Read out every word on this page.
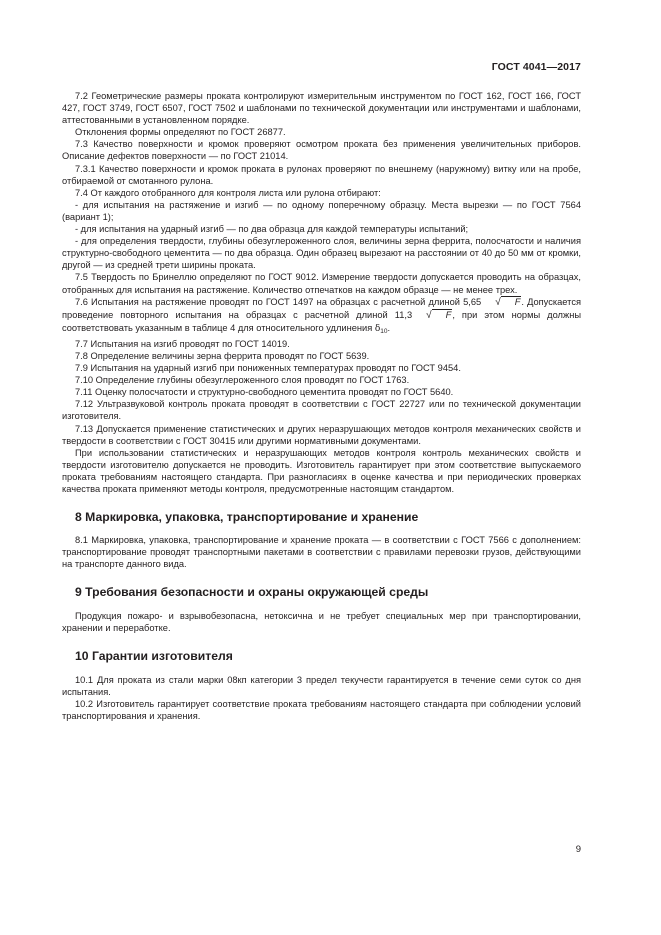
ГОСТ 4041—2017

7.2 Геометрические размеры проката контролируют измерительным инструментом по ГОСТ 162, ГОСТ 166, ГОСТ 427, ГОСТ 3749, ГОСТ 6507, ГОСТ 7502 и шаблонами по технической документации или инструментами и шаблонами, аттестованными в установленном порядке.

Отклонения формы определяют по ГОСТ 26877.

7.3 Качество поверхности и кромок проверяют осмотром проката без применения увеличительных приборов. Описание дефектов поверхности — по ГОСТ 21014.

7.3.1 Качество поверхности и кромок проката в рулонах проверяют по внешнему (наружному) витку или на пробе, отбираемой от смотанного рулона.

7.4 От каждого отобранного для контроля листа или рулона отбирают:

- для испытания на растяжение и изгиб — по одному поперечному образцу. Места вырезки — по ГОСТ 7564 (вариант 1);

- для испытания на ударный изгиб — по два образца для каждой температуры испытаний;

- для определения твердости, глубины обезуглероженного слоя, величины зерна феррита, полосчатости и наличия структурно-свободного цементита — по два образца. Один образец вырезают на расстоянии от 40 до 50 мм от кромки, другой — из средней трети ширины проката.

7.5 Твердость по Бринеллю определяют по ГОСТ 9012. Измерение твердости допускается проводить на образцах, отобранных для испытания на растяжение. Количество отпечатков на каждом образце — не менее трех.

7.6 Испытания на растяжение проводят по ГОСТ 1497 на образцах с расчетной длиной 5,65 √ F. Допускается проведение повторного испытания на образцах с расчетной длиной 11,3 √ F, при этом нормы должны соответствовать указанным в таблице 4 для относительного удлинения $\delta_{10}$.

7.7 Испытания на изгиб проводят по ГОСТ 14019.

7.8 Определение величины зерна феррита проводят по ГОСТ 5639.

7.9 Испытания на ударный изгиб при пониженных температурах проводят по ГОСТ 9454.

7.10 Определение глубины обезуглероженного слоя проводят по ГОСТ 1763.

7.11 Оценку полосчатости и структурно-свободного цементита проводят по ГОСТ 5640.

7.12 Ультразвуковой контроль проката проводят в соответствии с ГОСТ 22727 или по технической документации изготовителя.

7.13 Допускается применение статистических и других неразрушающих методов контроля механических свойств и твердости в соответствии с ГОСТ 30415 или другими нормативными документами.

При использовании статистических и неразрушающих методов контроля контроль механических свойств и твердости изготовителю допускается не проводить. Изготовитель гарантирует при этом соответствие выпускаемого проката требованиям настоящего стандарта. При разногласиях в оценке качества и при периодических проверках качества проката применяют методы контроля, предусмотренные настоящим стандартом.

8 Маркировка, упаковка, транспортирование и хранение

8.1 Маркировка, упаковка, транспортирование и хранение проката — в соответствии с ГОСТ 7566 с дополнением: транспортирование проводят транспортными пакетами в соответствии с правилами перевозки грузов, действующими на транспорте данного вида.

9 Требования безопасности и охраны окружающей среды

Продукция пожаро- и взрывобезопасна, нетоксична и не требует специальных мер при транспортировании, хранении и переработке.

10 Гарантии изготовителя

10.1 Для проката из стали марки 08кп категории 3 предел текучести гарантируется в течение семи суток со дня испытания.

10.2 Изготовитель гарантирует соответствие проката требованиям настоящего стандарта при соблюдении условий транспортирования и хранения.

9
